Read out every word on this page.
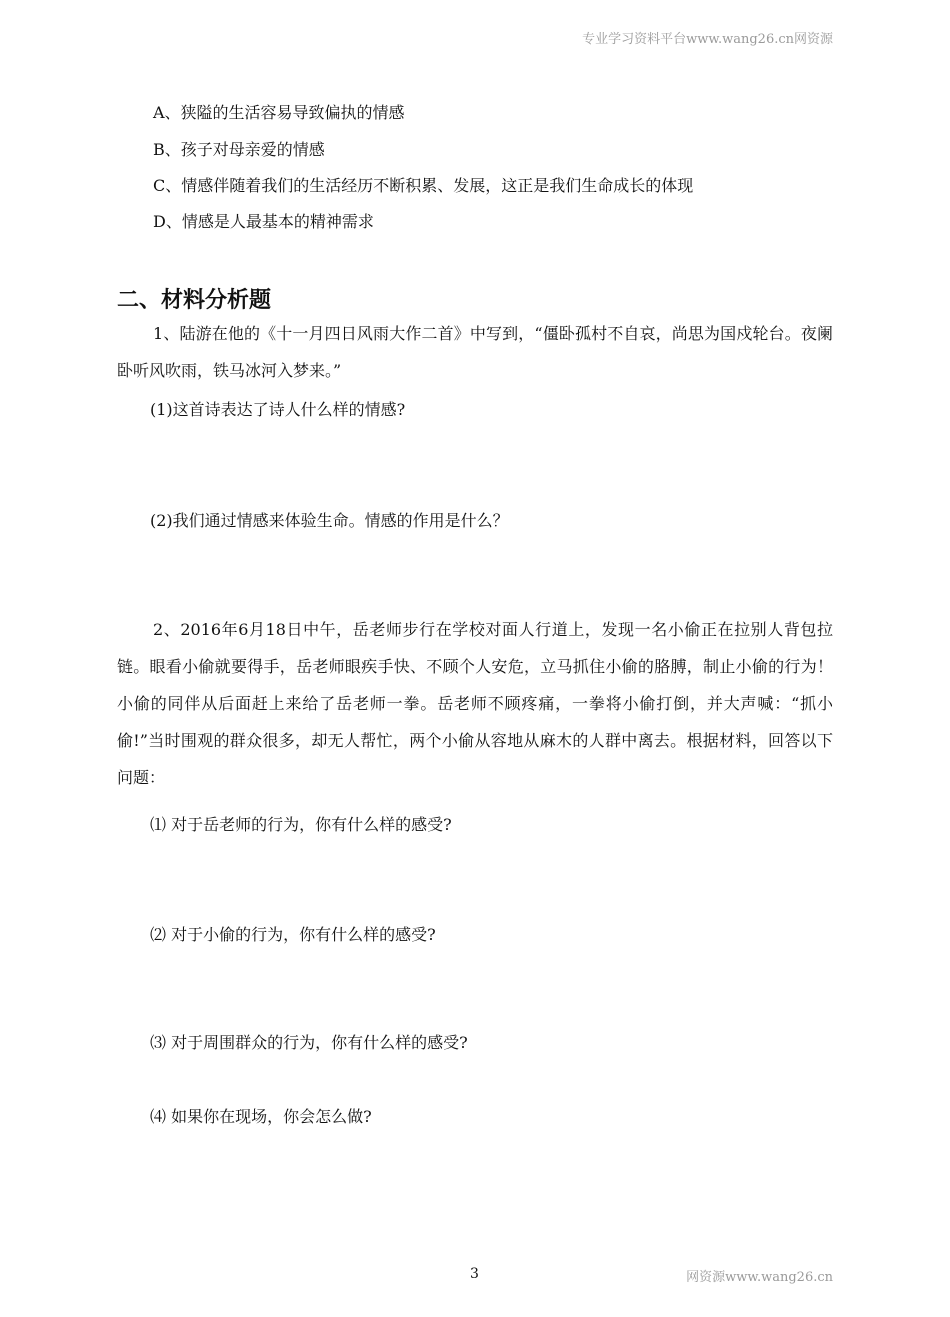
专业学习资料平台www.wang26.cn网资源
A、狭隘的生活容易导致偏执的情感
B、孩子对母亲爱的情感
C、情感伴随着我们的生活经历不断积累、发展，这正是我们生命成长的体现
D、情感是人最基本的精神需求
二、材料分析题
1、陆游在他的《十一月四日风雨大作二首》中写到，“僵卧孤村不自哀，尚思为国戍轮台。夜阑卧听风吹雨，铁马冰河入梦来。”
(1)这首诗表达了诗人什么样的情感?
(2)我们通过情感来体验生命。情感的作用是什么？
2、2016年6月18日中午，岳老师步行在学校对面人行道上，发现一名小偷正在拉别人背包拉链。眼看小偷就要得手，岳老师眼疾手快、不顾个人安危，立马抓住小偷的胳膊，制止小偷的行为！小偷的同伴从后面赶上来给了岳老师一拳。岳老师不顾疼痛，一拳将小偷打倒，并大声喊：“抓小偷!”当时围观的群众很多，却无人帮忙，两个小偷从容地从麻木的人群中离去。根据材料，回答以下问题：
⑴ 对于岳老师的行为，你有什么样的感受?
⑵ 对于小偷的行为，你有什么样的感受?
⑶ 对于周围群众的行为，你有什么样的感受?
⑷ 如果你在现场，你会怎么做?
3	网资源www.wang26.cn
